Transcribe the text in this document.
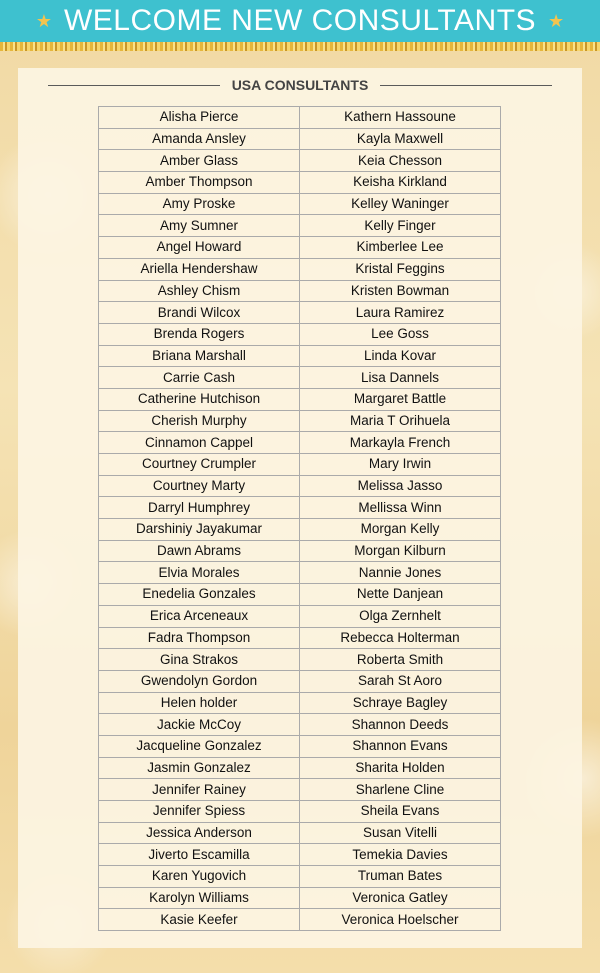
★ WELCOME NEW CONSULTANTS ★
USA CONSULTANTS
Alisha Pierce	Kathern Hassoune
Amanda Ansley	Kayla Maxwell
Amber Glass	Keia Chesson
Amber Thompson	Keisha Kirkland
Amy Proske	Kelley Waninger
Amy Sumner	Kelly Finger
Angel Howard	Kimberlee Lee
Ariella Hendershaw	Kristal Feggins
Ashley Chism	Kristen Bowman
Brandi Wilcox	Laura Ramirez
Brenda Rogers	Lee Goss
Briana Marshall	Linda Kovar
Carrie Cash	Lisa Dannels
Catherine Hutchison	Margaret Battle
Cherish Murphy	Maria T Orihuela
Cinnamon Cappel	Markayla French
Courtney Crumpler	Mary Irwin
Courtney Marty	Melissa Jasso
Darryl Humphrey	Mellissa Winn
Darshiniy Jayakumar	Morgan Kelly
Dawn Abrams	Morgan Kilburn
Elvia Morales	Nannie Jones
Enedelia Gonzales	Nette Danjean
Erica Arceneaux	Olga Zernhelt
Fadra Thompson	Rebecca Holterman
Gina Strakos	Roberta Smith
Gwendolyn Gordon	Sarah St Aoro
Helen holder	Schraye Bagley
Jackie McCoy	Shannon Deeds
Jacqueline Gonzalez	Shannon Evans
Jasmin Gonzalez	Sharita Holden
Jennifer Rainey	Sharlene Cline
Jennifer Spiess	Sheila Evans
Jessica Anderson	Susan Vitelli
Jiverto Escamilla	Temekia Davies
Karen Yugovich	Truman Bates
Karolyn Williams	Veronica Gatley
Kasie Keefer	Veronica Hoelscher
